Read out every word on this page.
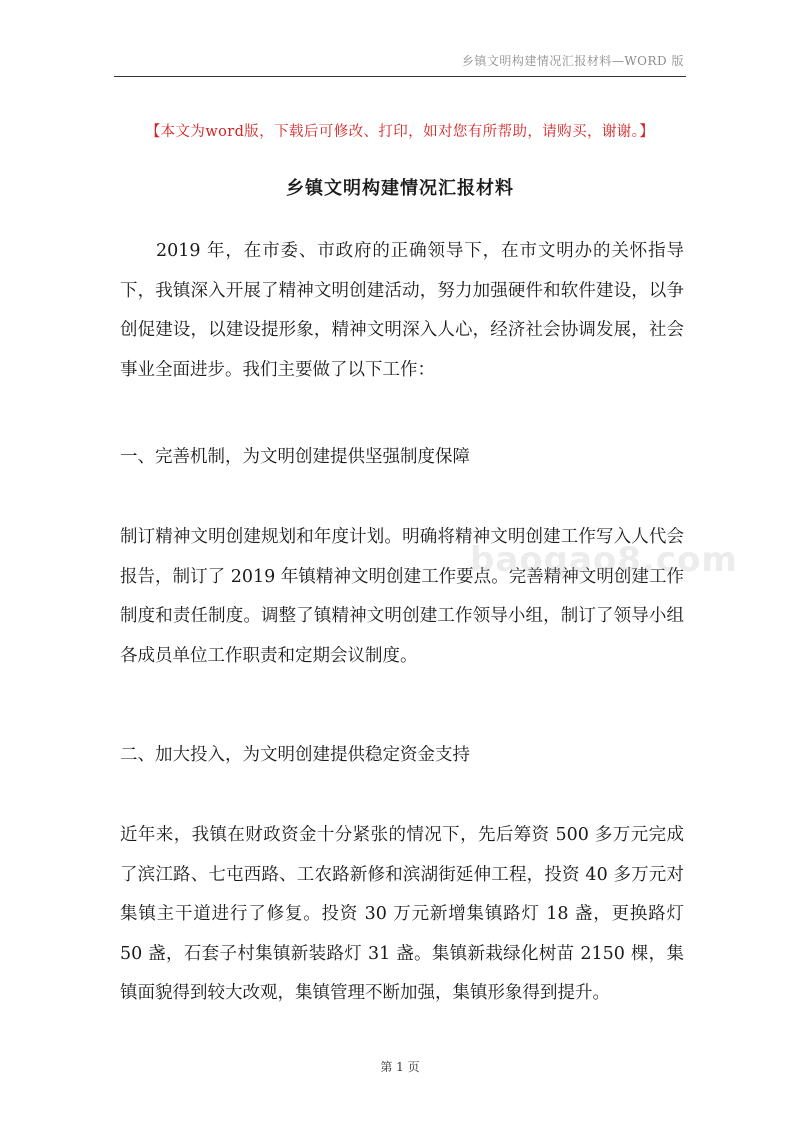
乡镇文明构建情况汇报材料—WORD 版
【本文为word版，下载后可修改、打印，如对您有所帮助，请购买，谢谢。】
乡镇文明构建情况汇报材料

2019 年，在市委、市政府的正确领导下，在市文明办的关怀指导下，我镇深入开展了精神文明创建活动，努力加强硬件和软件建设，以争创促建设，以建设提形象，精神文明深入人心，经济社会协调发展，社会事业全面进步。我们主要做了以下工作：

一、完善机制，为文明创建提供坚强制度保障

制订精神文明创建规划和年度计划。明确将精神文明创建工作写入人代会报告，制订了 2019 年镇精神文明创建工作要点。完善精神文明创建工作制度和责任制度。调整了镇精神文明创建工作领导小组，制订了领导小组各成员单位工作职责和定期会议制度。

二、加大投入，为文明创建提供稳定资金支持

近年来，我镇在财政资金十分紧张的情况下，先后筹资 500 多万元完成了滨江路、七屯西路、工农路新修和滨湖街延伸工程，投资 40 多万元对集镇主干道进行了修复。投资 30 万元新增集镇路灯 18 盏，更换路灯 50 盏，石套子村集镇新装路灯 31 盏。集镇新栽绿化树苗 2150 棵，集镇面貌得到较大改观，集镇管理不断加强，集镇形象得到提升。

baogao8.com
第 1 页
